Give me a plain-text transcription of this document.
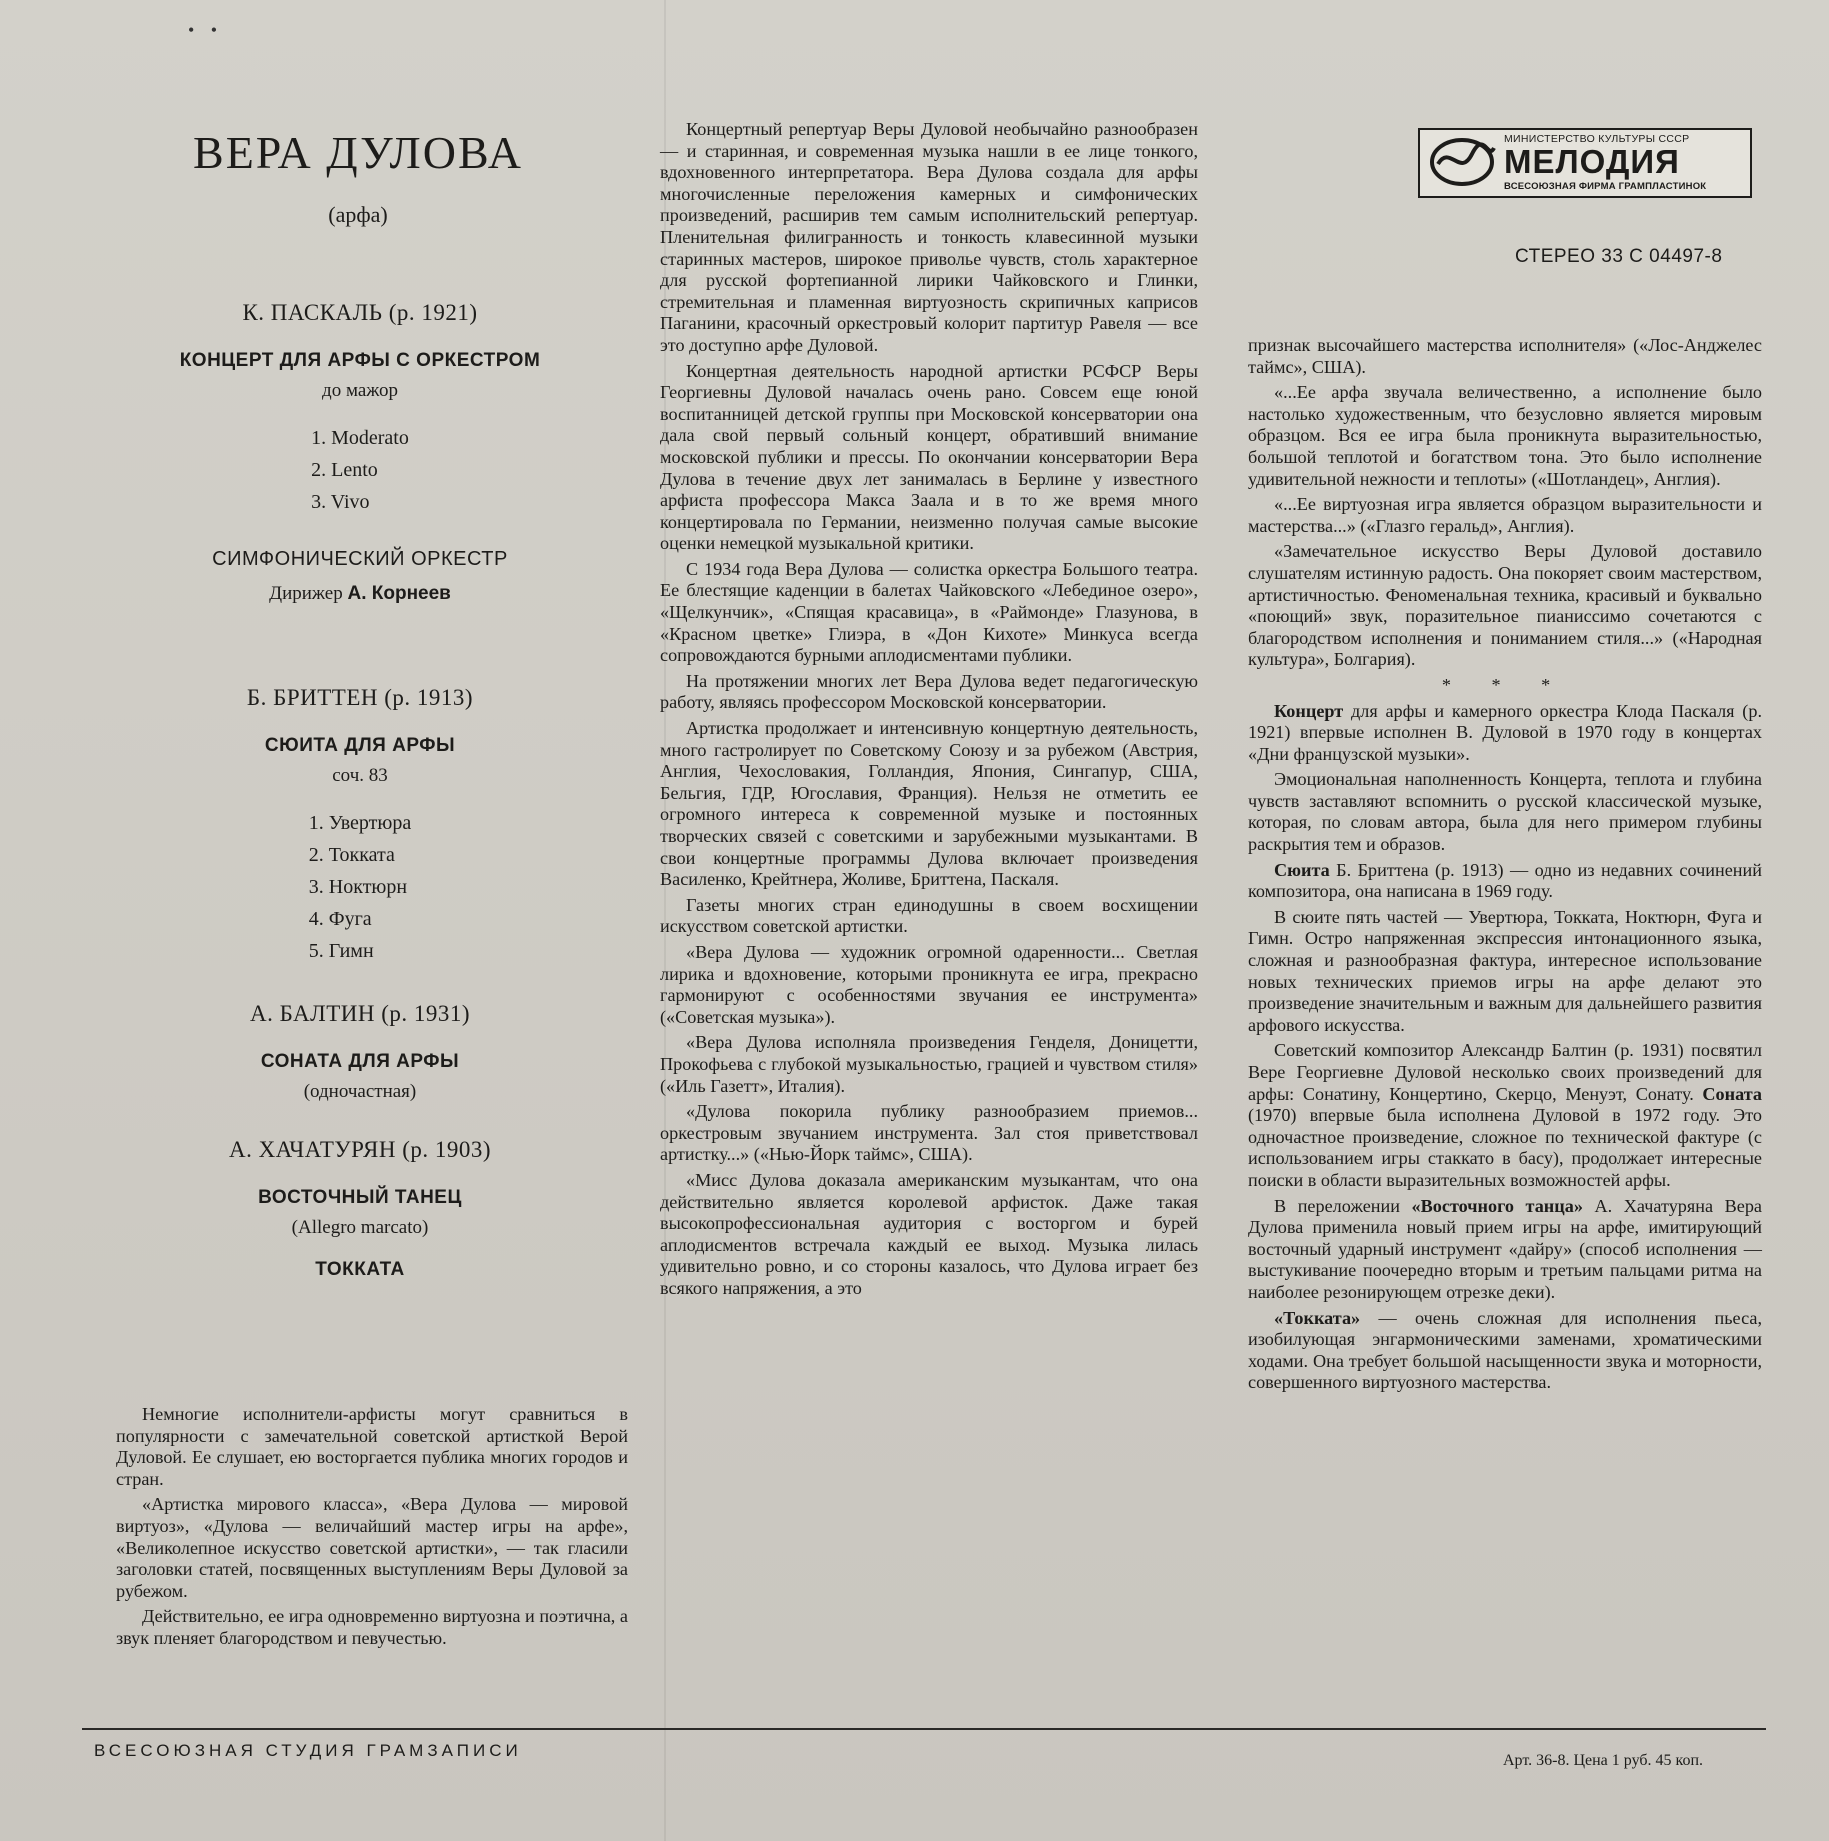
• •
ВЕРА ДУЛОВА
(арфа)
К. ПАСКАЛЬ (р. 1921)
КОНЦЕРТ ДЛЯ АРФЫ С ОРКЕСТРОМ
до мажор
1. Moderato
2. Lento
3. Vivo
СИМФОНИЧЕСКИЙ ОРКЕСТР
Дирижер А. Корнеев
Б. БРИТТЕН (р. 1913)
СЮИТА ДЛЯ АРФЫ
соч. 83
1. Увертюра
2. Токката
3. Ноктюрн
4. Фуга
5. Гимн
А. БАЛТИН (р. 1931)
СОНАТА ДЛЯ АРФЫ
(одночастная)
А. ХАЧАТУРЯН (р. 1903)
ВОСТОЧНЫЙ ТАНЕЦ
(Allegro marcato)
ТОККАТА

Немногие исполнители-арфисты могут сравниться в популярности с замечательной советской артисткой Верой Дуловой. Ее слушает, ею восторгается публика многих городов и стран.

«Артистка мирового класса», «Вера Дулова — мировой виртуоз», «Дулова — величайший мастер игры на арфе», «Великолепное искусство советской артистки», — так гласили заголовки статей, посвященных выступлениям Веры Дуловой за рубежом.

Действительно, ее игра одновременно виртуозна и поэтична, а звук пленяет благородством и певучестью.

Концертный репертуар Веры Дуловой необычайно разнообразен — и старинная, и современная музыка нашли в ее лице тонкого, вдохновенного интерпретатора. Вера Дулова создала для арфы многочисленные переложения камерных и симфонических произведений, расширив тем самым исполнительский репертуар. Пленительная филигранность и тонкость клавесинной музыки старинных мастеров, широкое приволье чувств, столь характерное для русской фортепианной лирики Чайковского и Глинки, стремительная и пламенная виртуозность скрипичных каприсов Паганини, красочный оркестровый колорит партитур Равеля — все это доступно арфе Дуловой.

Концертная деятельность народной артистки РСФСР Веры Георгиевны Дуловой началась очень рано. Совсем еще юной воспитанницей детской группы при Московской консерватории она дала свой первый сольный концерт, обративший внимание московской публики и прессы. По окончании консерватории Вера Дулова в течение двух лет занималась в Берлине у известного арфиста профессора Макса Заала и в то же время много концертировала по Германии, неизменно получая самые высокие оценки немецкой музыкальной критики.

С 1934 года Вера Дулова — солистка оркестра Большого театра. Ее блестящие каденции в балетах Чайковского «Лебединое озеро», «Щелкунчик», «Спящая красавица», в «Раймонде» Глазунова, в «Красном цветке» Глиэра, в «Дон Кихоте» Минкуса всегда сопровождаются бурными аплодисментами публики.

На протяжении многих лет Вера Дулова ведет педагогическую работу, являясь профессором Московской консерватории.

Артистка продолжает и интенсивную концертную деятельность, много гастролирует по Советскому Союзу и за рубежом (Австрия, Англия, Чехословакия, Голландия, Япония, Сингапур, США, Бельгия, ГДР, Югославия, Франция). Нельзя не отметить ее огромного интереса к современной музыке и постоянных творческих связей с советскими и зарубежными музыкантами. В свои концертные программы Дулова включает произведения Василенко, Крейтнера, Жоливе, Бриттена, Паскаля.

Газеты многих стран единодушны в своем восхищении искусством советской артистки.

«Вера Дулова — художник огромной одаренности... Светлая лирика и вдохновение, которыми проникнута ее игра, прекрасно гармонируют с особенностями звучания ее инструмента» («Советская музыка»).

«Вера Дулова исполняла произведения Генделя, Доницетти, Прокофьева с глубокой музыкальностью, грацией и чувством стиля» («Иль Газетт», Италия).

«Дулова покорила публику разнообразием приемов... оркестровым звучанием инструмента. Зал стоя приветствовал артистку...» («Нью-Йорк таймс», США).

«Мисс Дулова доказала американским музыкантам, что она действительно является королевой арфисток. Даже такая высокопрофессиональная аудитория с восторгом и бурей аплодисментов встречала каждый ее выход. Музыка лилась удивительно ровно, и со стороны казалось, что Дулова играет без всякого напряжения, а это

МИНИСТЕРСТВО КУЛЬТУРЫ СССР
МЕЛОДИЯ
ВСЕСОЮЗНАЯ ФИРМА ГРАМПЛАСТИНОК
СТЕРЕО 33 С 04497-8

признак высочайшего мастерства исполнителя» («Лос-Анджелес таймс», США).

«...Ее арфа звучала величественно, а исполнение было настолько художественным, что безусловно является мировым образцом. Вся ее игра была проникнута выразительностью, большой теплотой и богатством тона. Это было исполнение удивительной нежности и теплоты» («Шотландец», Англия).

«...Ее виртуозная игра является образцом выразительности и мастерства...» («Глазго геральд», Англия).

«Замечательное искусство Веры Дуловой доставило слушателям истинную радость. Она покоряет своим мастерством, артистичностью. Феноменальная техника, красивый и буквально «поющий» звук, поразительное пианиссимо сочетаются с благородством исполнения и пониманием стиля...» («Народная культура», Болгария).

* * *

Концерт для арфы и камерного оркестра Клода Паскаля (р. 1921) впервые исполнен В. Дуловой в 1970 году в концертах «Дни французской музыки».

Эмоциональная наполненность Концерта, теплота и глубина чувств заставляют вспомнить о русской классической музыке, которая, по словам автора, была для него примером глубины раскрытия тем и образов.

Сюита Б. Бриттена (р. 1913) — одно из недавних сочинений композитора, она написана в 1969 году.

В сюите пять частей — Увертюра, Токката, Ноктюрн, Фуга и Гимн. Остро напряженная экспрессия интонационного языка, сложная и разнообразная фактура, интересное использование новых технических приемов игры на арфе делают это произведение значительным и важным для дальнейшего развития арфового искусства.

Советский композитор Александр Балтин (р. 1931) посвятил Вере Георгиевне Дуловой несколько своих произведений для арфы: Сонатину, Концертино, Скерцо, Менуэт, Сонату. Соната (1970) впервые была исполнена Дуловой в 1972 году. Это одночастное произведение, сложное по технической фактуре (с использованием игры стаккато в басу), продолжает интересные поиски в области выразительных возможностей арфы.

В переложении «Восточного танца» А. Хачатуряна Вера Дулова применила новый прием игры на арфе, имитирующий восточный ударный инструмент «дайру» (способ исполнения — выстукивание поочередно вторым и третьим пальцами ритма на наиболее резонирующем отрезке деки).

«Токката» — очень сложная для исполнения пьеса, изобилующая энгармоническими заменами, хроматическими ходами. Она требует большой насыщенности звука и моторности, совершенного виртуозного мастерства.

ВСЕСОЮЗНАЯ СТУДИЯ ГРАМЗАПИСИ
Арт. 36-8. Цена 1 руб. 45 коп.
